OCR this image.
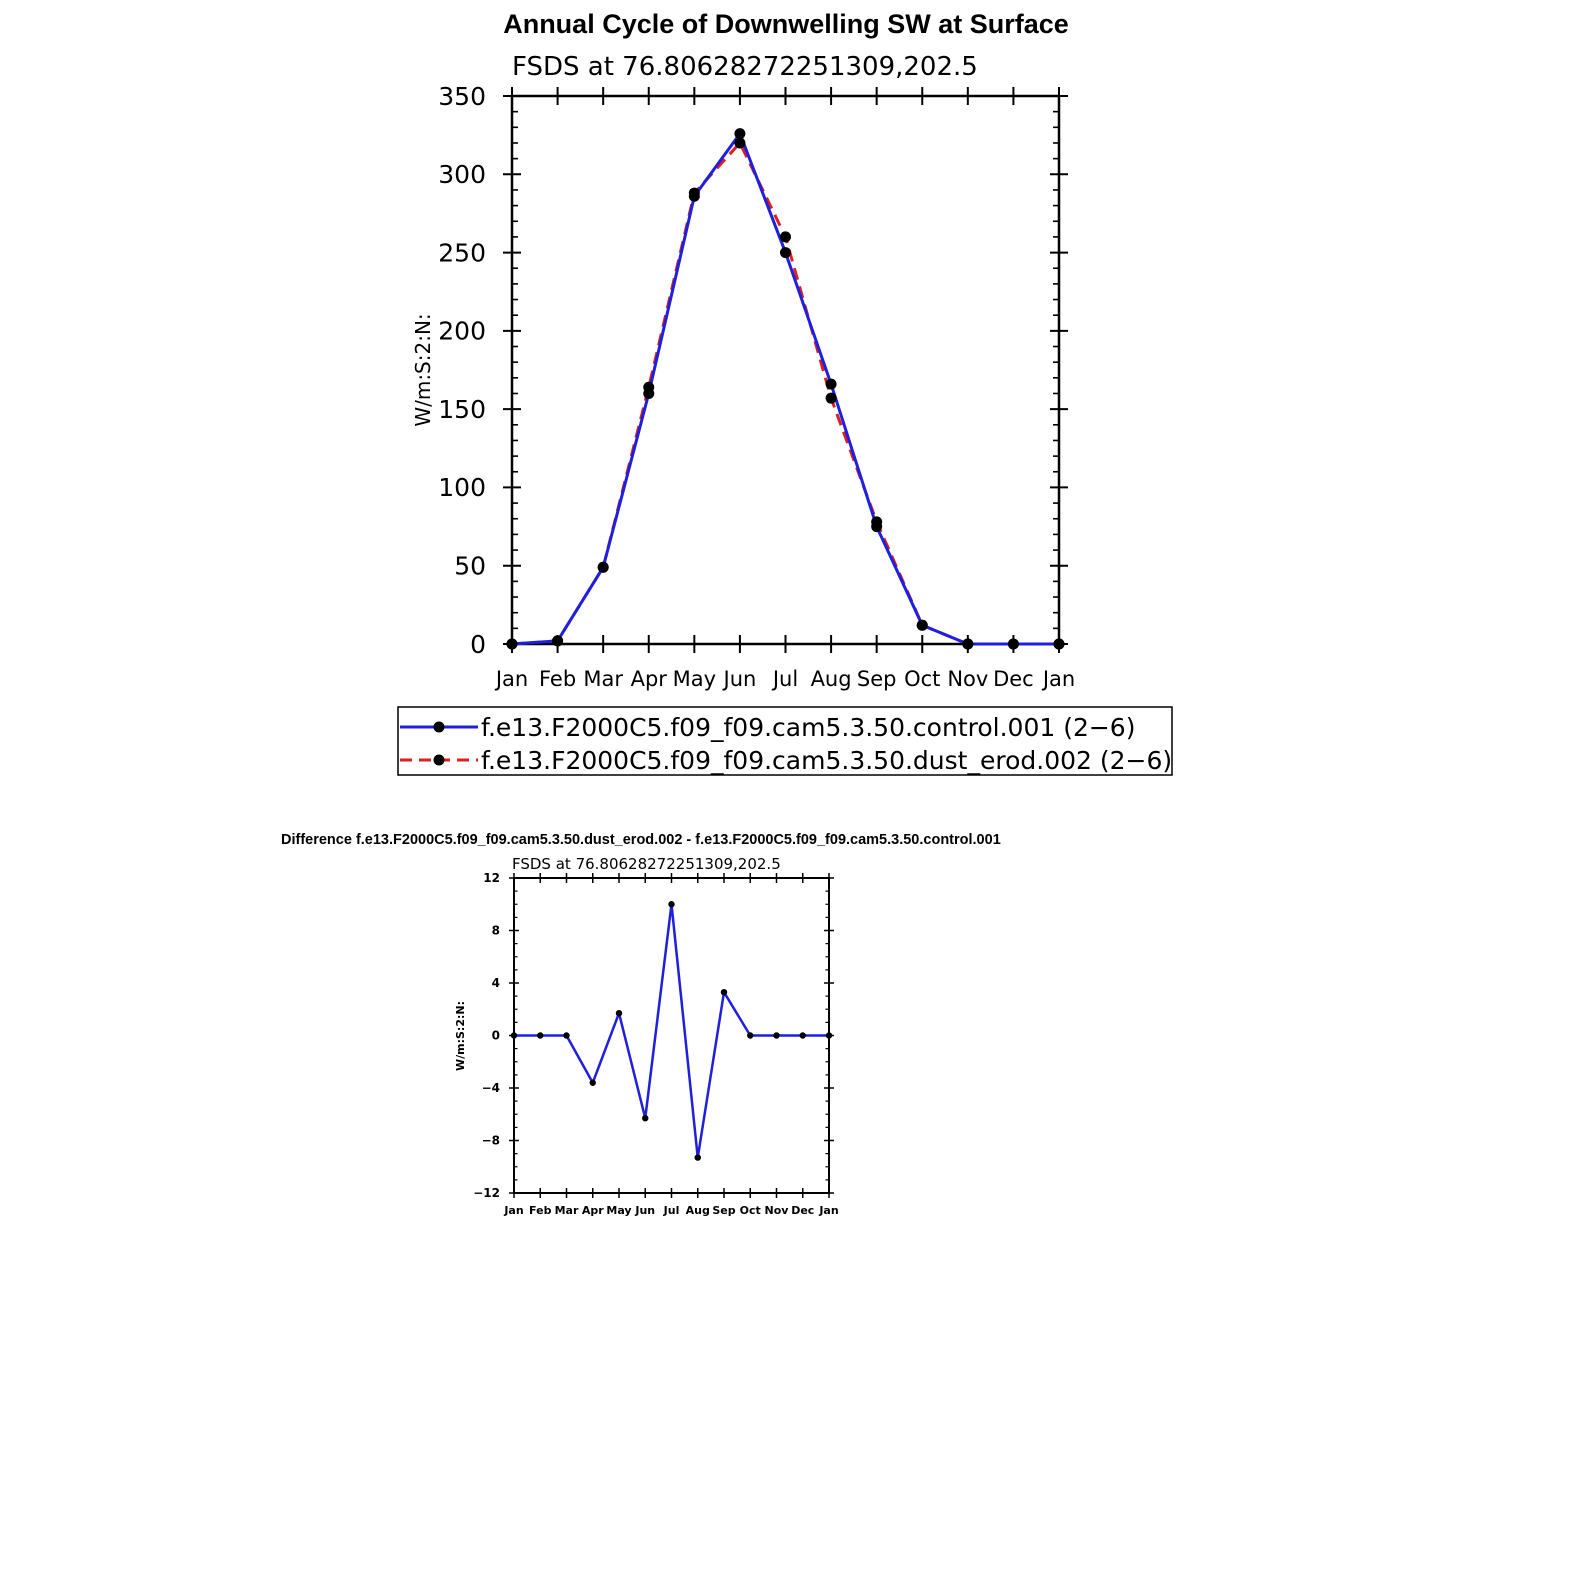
Annual Cycle of Downwelling SW at Surface
FSDS at 76.80628272251309,202.5
W/m:S:2:N:
Jan Feb Mar Apr May Jun Jul Aug Sep Oct Nov Dec Jan
0
50
100
150
200
250
300
350
f.e13.F2000C5.f09_f09.cam5.3.50.control.001 (2−6)
f.e13.F2000C5.f09_f09.cam5.3.50.dust_erod.002 (2−6)
Difference f.e13.F2000C5.f09_f09.cam5.3.50.dust_erod.002 - f.e13.F2000C5.f09_f09.cam5.3.50.control.001
FSDS at 76.80628272251309,202.5
W/m:S:2:N:
Jan Feb Mar Apr May Jun Jul Aug Sep Oct Nov Dec Jan
−12
−8
−4
0
4
8
12
